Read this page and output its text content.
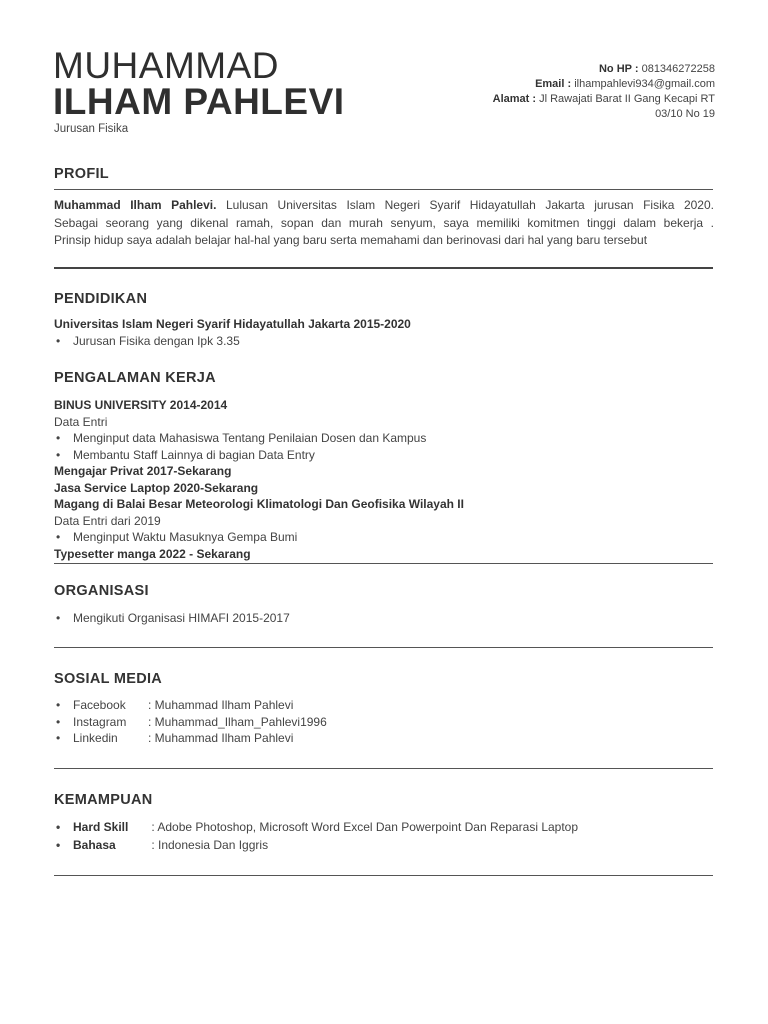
MUHAMMAD
ILHAM PAHLEVI
Jurusan Fisika
No HP : 081346272258
Email : ilhampahlevi934@gmail.com
Alamat : Jl Rawajati Barat II Gang Kecapi RT
03/10 No 19
PROFIL
Muhammad Ilham Pahlevi. Lulusan Universitas Islam Negeri Syarif Hidayatullah Jakarta jurusan Fisika 2020.
Sebagai seorang yang dikenal ramah, sopan dan murah senyum, saya memiliki komitmen tinggi dalam bekerja .
Prinsip hidup saya adalah belajar hal-hal yang baru serta memahami dan berinovasi dari hal yang baru tersebut
PENDIDIKAN
Universitas Islam Negeri Syarif Hidayatullah Jakarta 2015-2020
• Jurusan Fisika dengan Ipk 3.35
PENGALAMAN KERJA
BINUS UNIVERSITY 2014-2014
Data Entri
• Menginput data Mahasiswa Tentang Penilaian Dosen dan Kampus
• Membantu Staff Lainnya di bagian Data Entry
Mengajar Privat 2017-Sekarang
Jasa Service Laptop 2020-Sekarang
Magang di Balai Besar Meteorologi Klimatologi Dan Geofisika Wilayah II
Data Entri dari 2019
• Menginput Waktu Masuknya Gempa Bumi
Typesetter manga 2022 - Sekarang
ORGANISASI
• Mengikuti Organisasi HIMAFI 2015-2017
SOSIAL MEDIA
• Facebook : Muhammad Ilham Pahlevi
• Instagram : Muhammad_Ilham_Pahlevi1996
• Linkedin	: Muhammad Ilham Pahlevi
KEMAMPUAN
• Hard Skill : Adobe Photoshop, Microsoft Word Excel Dan Powerpoint Dan Reparasi Laptop
• Bahasa	: Indonesia Dan Iggris
